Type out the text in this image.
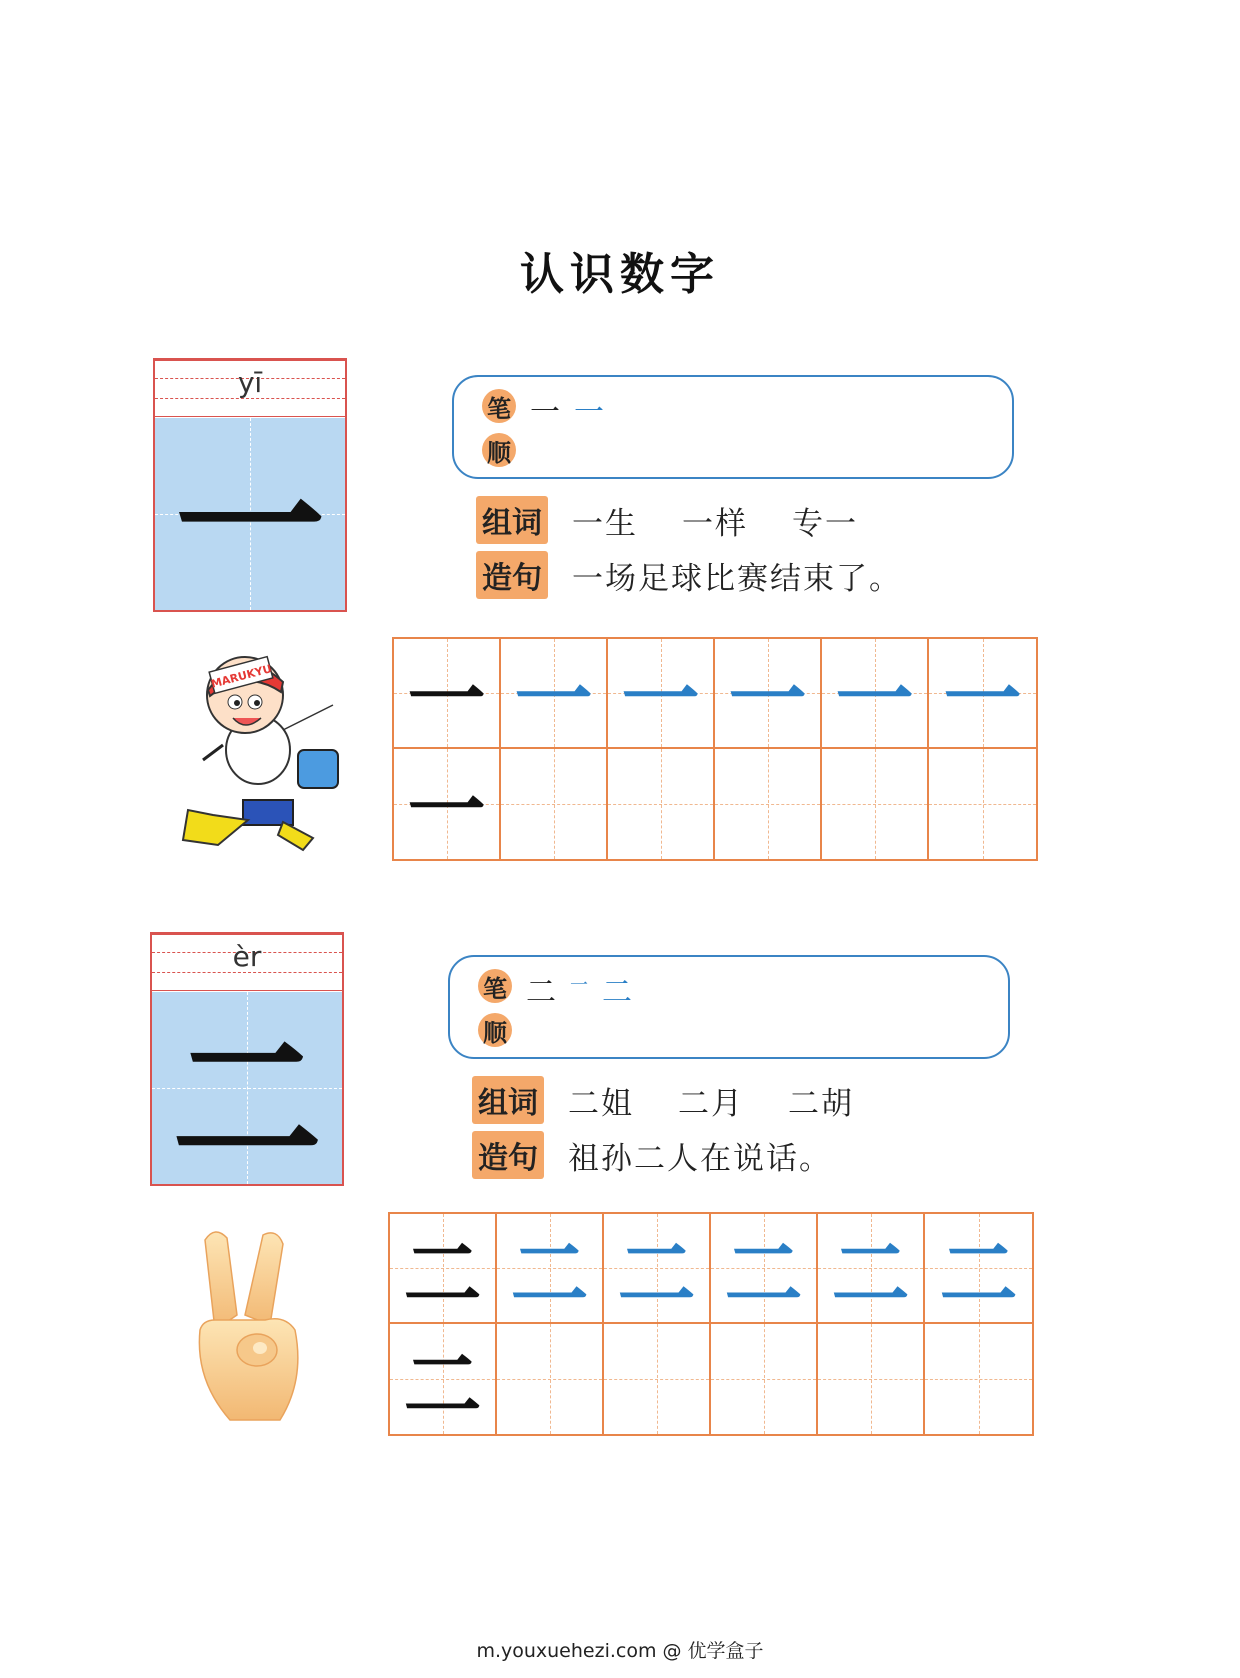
认识数字
yī
一
笔
顺
一 一
组词 一生 一样 专一
造句 一场足球比赛结束了。
MARUKYU 一 一 一 一 一 一
一
èr
二
笔
顺
二 一 二
组词 二姐 二月 二胡
造句 祖孙二人在说话。
二 二 二 二 二 二
二
m.youxuehezi.com @ 优学盒子
